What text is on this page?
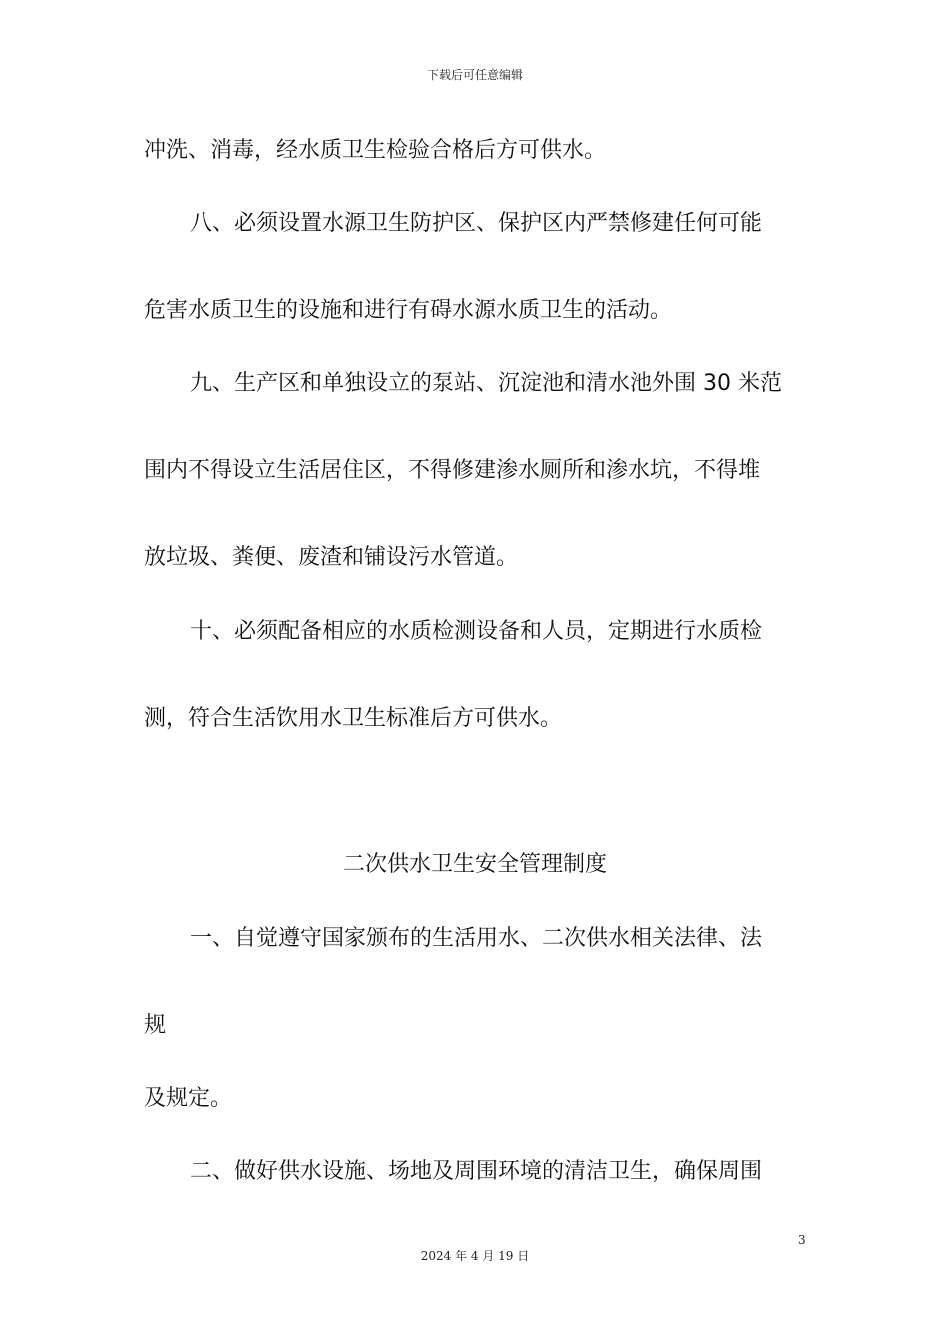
下载后可任意编辑
冲洗、消毒，经水质卫生检验合格后方可供水。
八、必须设置水源卫生防护区、保护区内严禁修建任何可能
危害水质卫生的设施和进行有碍水源水质卫生的活动。
九、生产区和单独设立的泵站、沉淀池和清水池外围 30 米范
围内不得设立生活居住区，不得修建渗水厕所和渗水坑，不得堆
放垃圾、粪便、废渣和铺设污水管道。
十、必须配备相应的水质检测设备和人员，定期进行水质检
测，符合生活饮用水卫生标准后方可供水。
二次供水卫生安全管理制度
一、自觉遵守国家颁布的生活用水、二次供水相关法律、法
规
及规定。
二、做好供水设施、场地及周围环境的清洁卫生，确保周围
3
2024 年 4 月 19 日
